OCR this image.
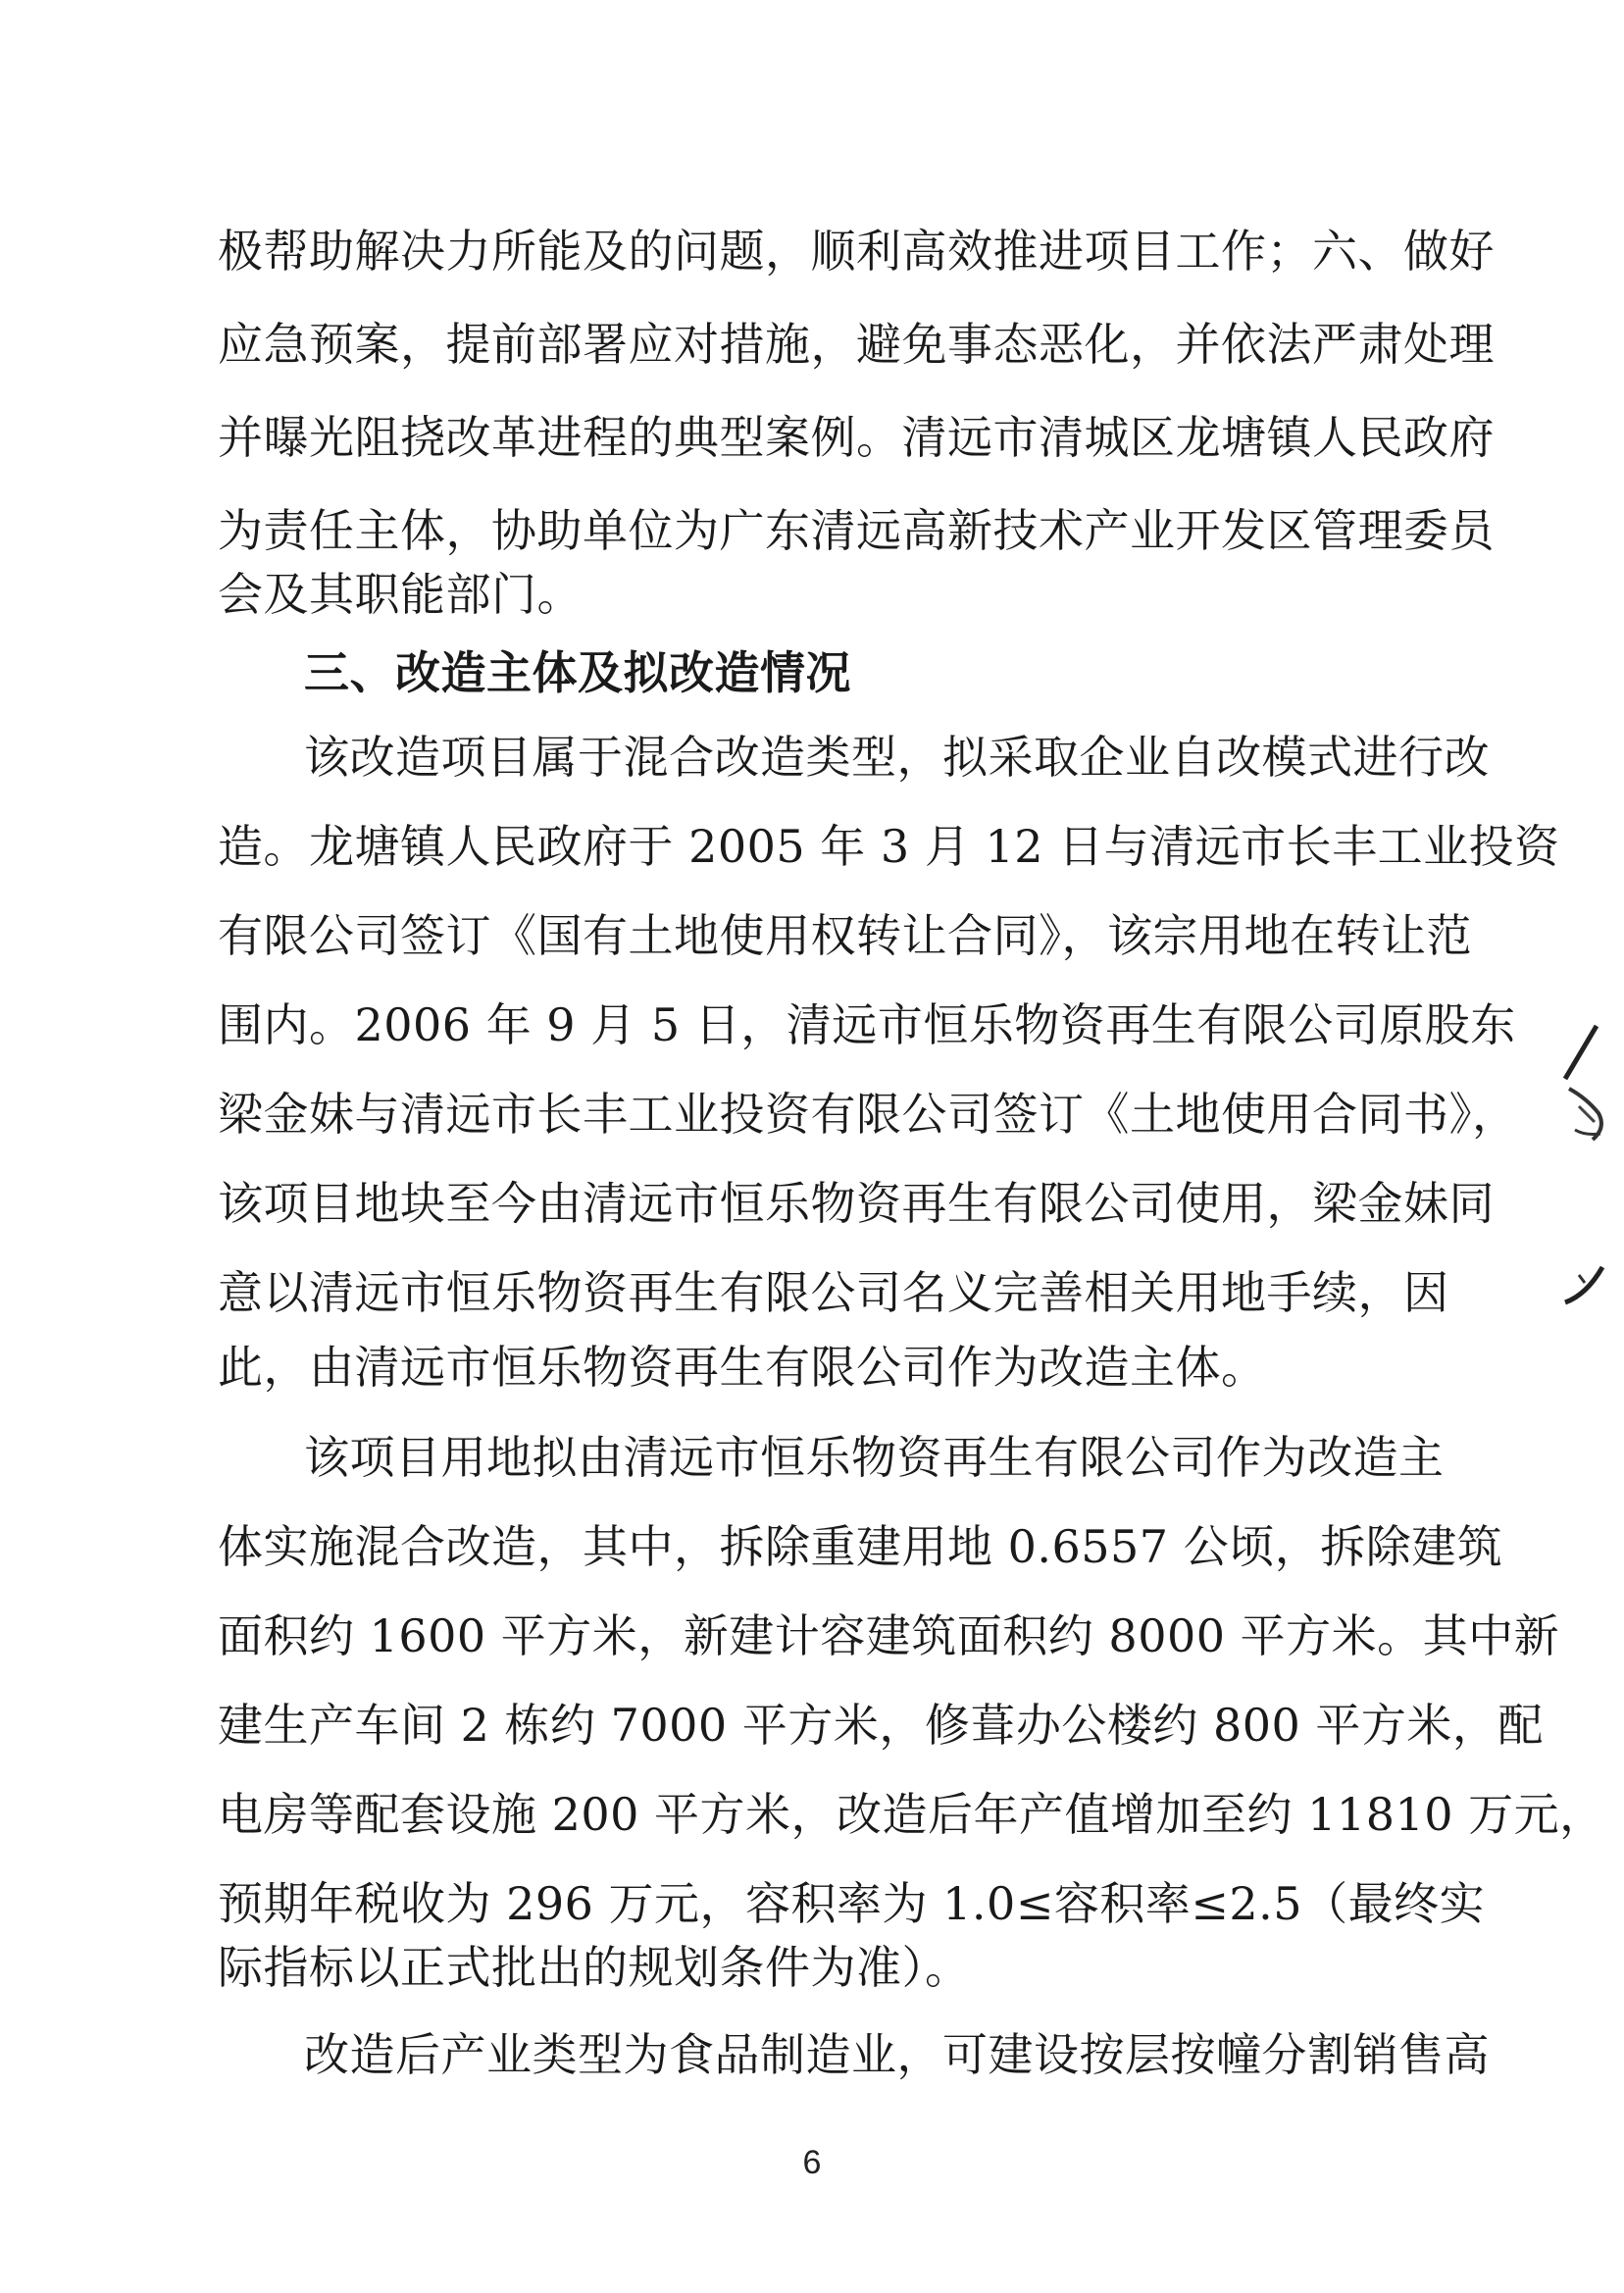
极帮助解决力所能及的问题，顺利高效推进项目工作；六、做好
应急预案，提前部署应对措施，避免事态恶化，并依法严肃处理
并曝光阻挠改革进程的典型案例。清远市清城区龙塘镇人民政府
为责任主体，协助单位为广东清远高新技术产业开发区管理委员
会及其职能部门。
三、改造主体及拟改造情况
该改造项目属于混合改造类型，拟采取企业自改模式进行改
造。龙塘镇人民政府于 2005 年 3 月 12 日与清远市长丰工业投资
有限公司签订《国有土地使用权转让合同》，该宗用地在转让范
围内。2006 年 9 月 5 日，清远市恒乐物资再生有限公司原股东
梁金妹与清远市长丰工业投资有限公司签订《土地使用合同书》，
该项目地块至今由清远市恒乐物资再生有限公司使用，梁金妹同
意以清远市恒乐物资再生有限公司名义完善相关用地手续，因
此，由清远市恒乐物资再生有限公司作为改造主体。
该项目用地拟由清远市恒乐物资再生有限公司作为改造主
体实施混合改造，其中，拆除重建用地 0.6557 公顷，拆除建筑
面积约 1600 平方米，新建计容建筑面积约 8000 平方米。其中新
建生产车间 2 栋约 7000 平方米，修葺办公楼约 800 平方米，配
电房等配套设施 200 平方米，改造后年产值增加至约 11810 万元，
预期年税收为 296 万元，容积率为 1.0≤容积率≤2.5（最终实
际指标以正式批出的规划条件为准）。
改造后产业类型为食品制造业，可建设按层按幢分割销售高
6
